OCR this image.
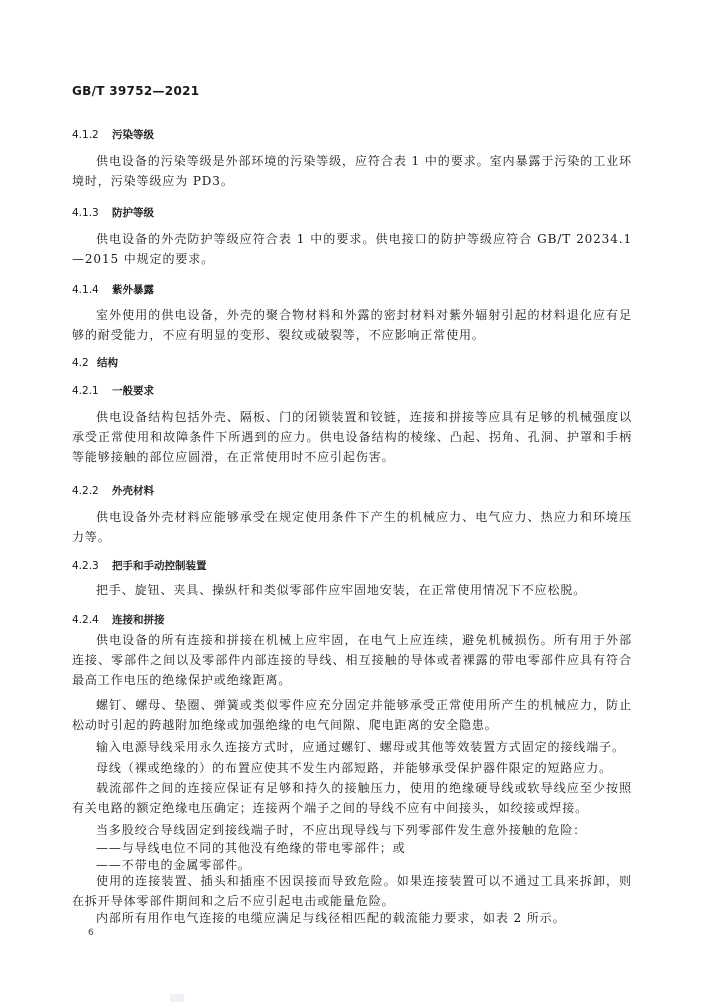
GB/T 39752—2021
4.1.2 污染等级

供电设备的污染等级是外部环境的污染等级，应符合表 1 中的要求。室内暴露于污染的工业环境时，污染等级应为 PD3。

4.1.3 防护等级

供电设备的外壳防护等级应符合表 1 中的要求。供电接口的防护等级应符合 GB/T 20234.1—2015 中规定的要求。

4.1.4 紫外暴露

室外使用的供电设备，外壳的聚合物材料和外露的密封材料对紫外辐射引起的材料退化应有足够的耐受能力，不应有明显的变形、裂纹或破裂等，不应影响正常使用。

4.2 结构
4.2.1 一般要求

供电设备结构包括外壳、隔板、门的闭锁装置和铰链，连接和拼接等应具有足够的机械强度以承受正常使用和故障条件下所遇到的应力。供电设备结构的棱缘、凸起、拐角、孔洞、护罩和手柄等能够接触的部位应圆滑，在正常使用时不应引起伤害。

4.2.2 外壳材料

供电设备外壳材料应能够承受在规定使用条件下产生的机械应力、电气应力、热应力和环境压力等。

4.2.3 把手和手动控制装置

把手、旋钮、夹具、操纵杆和类似零部件应牢固地安装，在正常使用情况下不应松脱。

4.2.4 连接和拼接

供电设备的所有连接和拼接在机械上应牢固，在电气上应连续，避免机械损伤。所有用于外部连接、零部件之间以及零部件内部连接的导线、相互接触的导体或者裸露的带电零部件应具有符合最高工作电压的绝缘保护或绝缘距离。

螺钉、螺母、垫圈、弹簧或类似零件应充分固定并能够承受正常使用所产生的机械应力，防止松动时引起的跨越附加绝缘或加强绝缘的电气间隙、爬电距离的安全隐患。

输入电源导线采用永久连接方式时，应通过螺钉、螺母或其他等效装置方式固定的接线端子。

母线（裸或绝缘的）的布置应使其不发生内部短路，并能够承受保护器件限定的短路应力。

载流部件之间的连接应保证有足够和持久的接触压力，使用的绝缘硬导线或软导线应至少按照有关电路的额定绝缘电压确定；连接两个端子之间的导线不应有中间接头，如绞接或焊接。

当多股绞合导线固定到接线端子时，不应出现导线与下列零部件发生意外接触的危险：

——与导线电位不同的其他没有绝缘的带电零部件；或

——不带电的金属零部件。

使用的连接装置、插头和插座不因误接而导致危险。如果连接装置可以不通过工具来拆卸，则在拆开导体零部件期间和之后不应引起电击或能量危险。

内部所有用作电气连接的电缆应满足与线径相匹配的载流能力要求，如表 2 所示。

6
